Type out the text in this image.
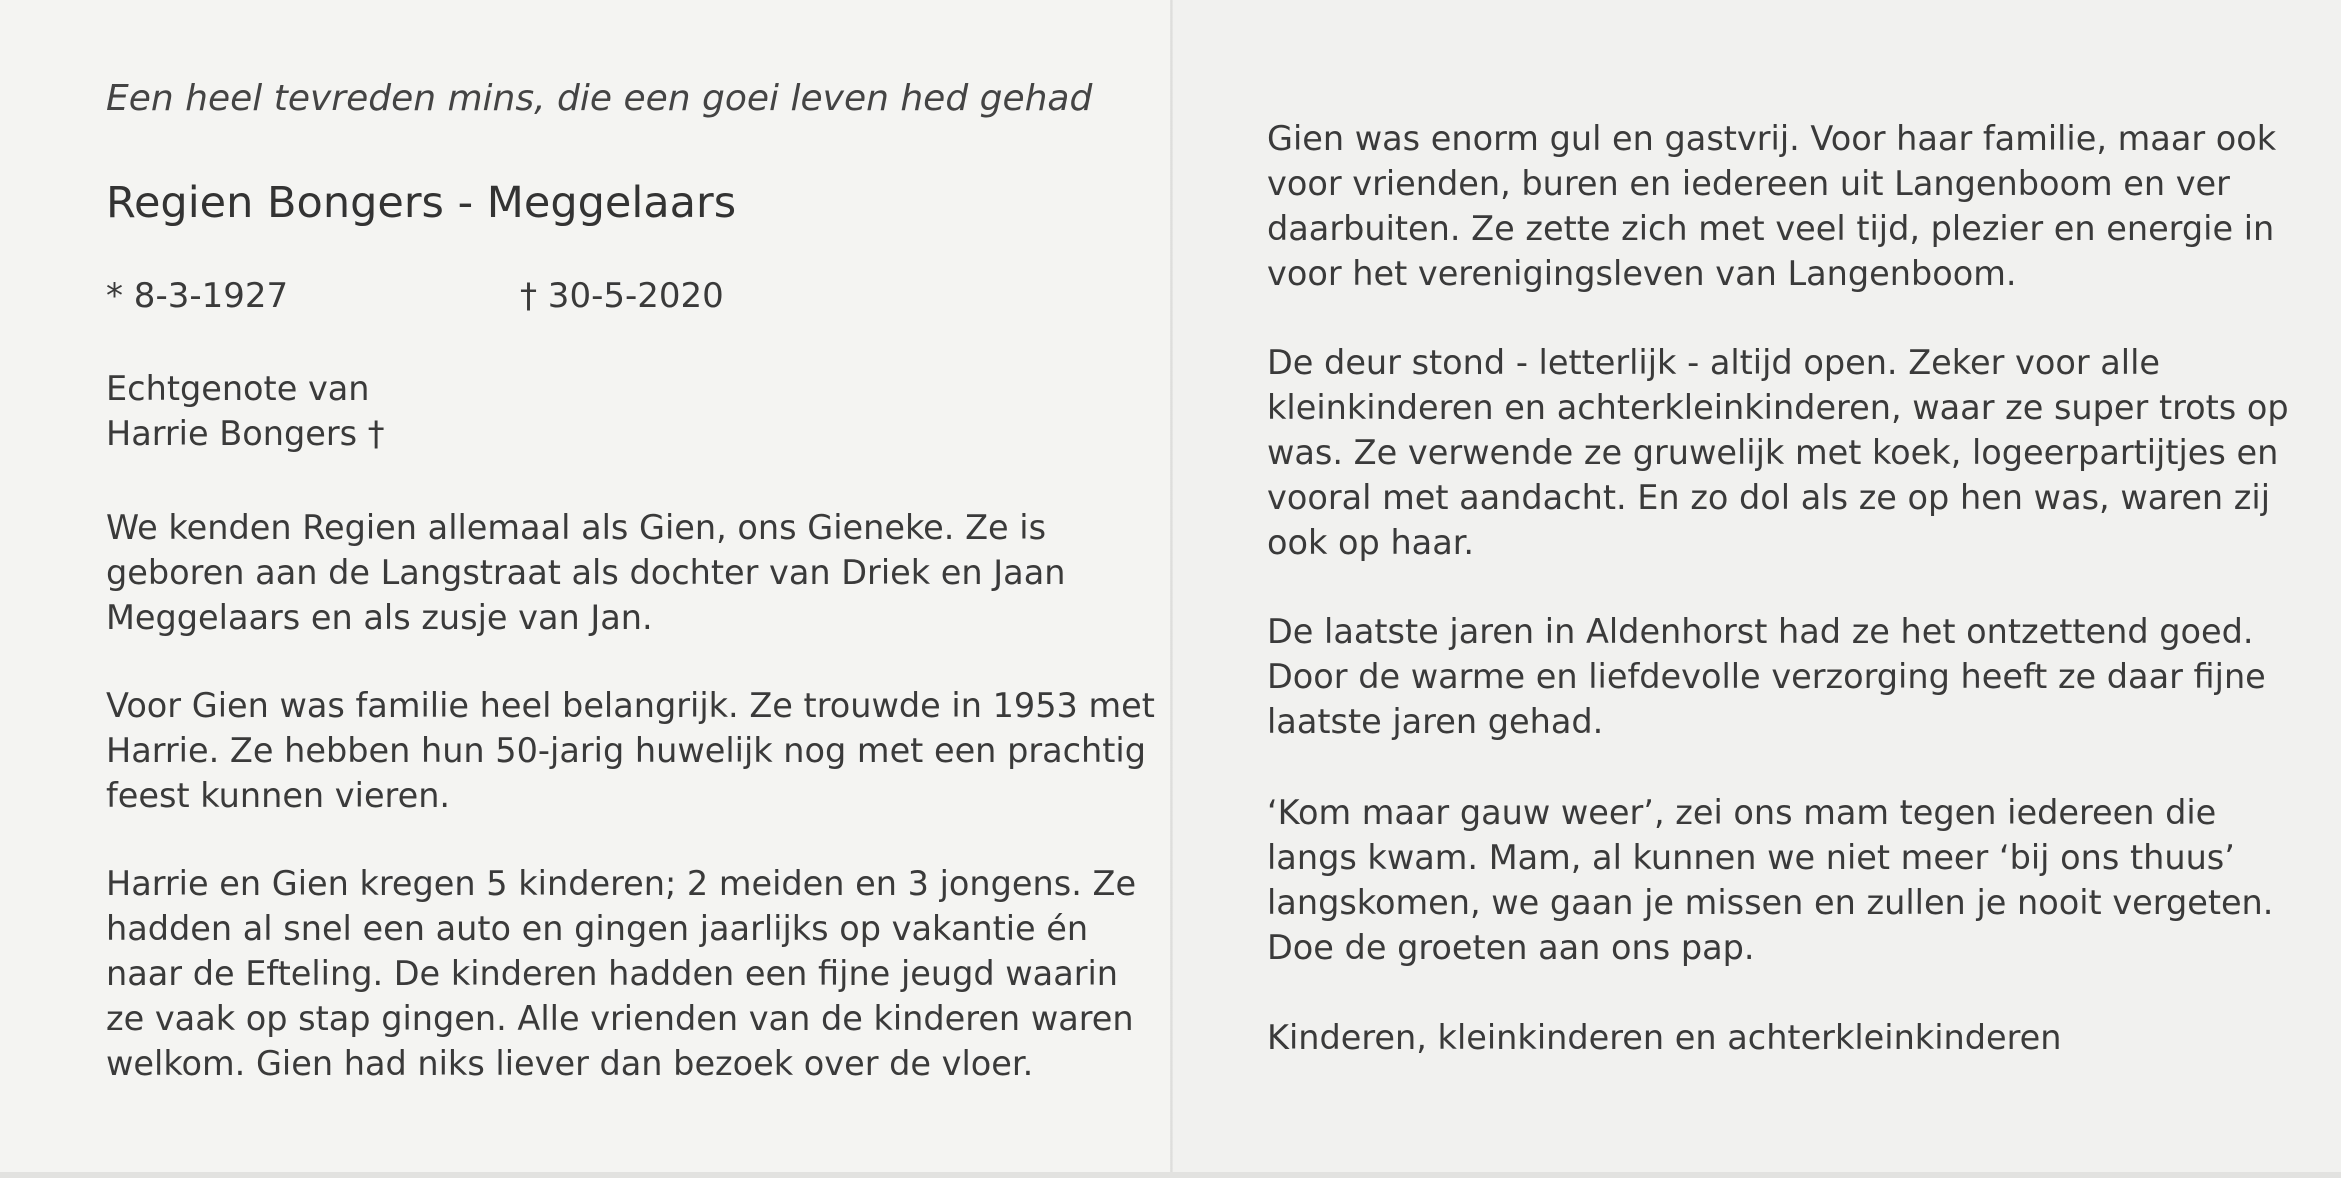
Een heel tevreden mins, die een goei leven hed gehad
Regien Bongers - Meggelaars
* 8-3-1927	† 30-5-2020

Echtgenote van

Harrie Bongers †

We kenden Regien allemaal als Gien, ons Gieneke. Ze is

geboren aan de Langstraat als dochter van Driek en Jaan

Meggelaars en als zusje van Jan.

Voor Gien was familie heel belangrijk. Ze trouwde in 1953 met

Harrie. Ze hebben hun 50-jarig huwelijk nog met een prachtig

feest kunnen vieren.

Harrie en Gien kregen 5 kinderen; 2 meiden en 3 jongens. Ze

hadden al snel een auto en gingen jaarlijks op vakantie én

naar de Efteling. De kinderen hadden een fijne jeugd waarin

ze vaak op stap gingen. Alle vrienden van de kinderen waren

welkom. Gien had niks liever dan bezoek over de vloer.

Gien was enorm gul en gastvrij. Voor haar familie, maar ook

voor vrienden, buren en iedereen uit Langenboom en ver

daarbuiten. Ze zette zich met veel tijd, plezier en energie in

voor het verenigingsleven van Langenboom.

De deur stond - letterlijk - altijd open. Zeker voor alle

kleinkinderen en achterkleinkinderen, waar ze super trots op

was. Ze verwende ze gruwelijk met koek, logeerpartijtjes en

vooral met aandacht. En zo dol als ze op hen was, waren zij

ook op haar.

De laatste jaren in Aldenhorst had ze het ontzettend goed.

Door de warme en liefdevolle verzorging heeft ze daar fijne

laatste jaren gehad.

‘Kom maar gauw weer’, zei ons mam tegen iedereen die

langs kwam. Mam, al kunnen we niet meer ‘bij ons thuus’

langskomen, we gaan je missen en zullen je nooit vergeten.

Doe de groeten aan ons pap.

Kinderen, kleinkinderen en achterkleinkinderen
